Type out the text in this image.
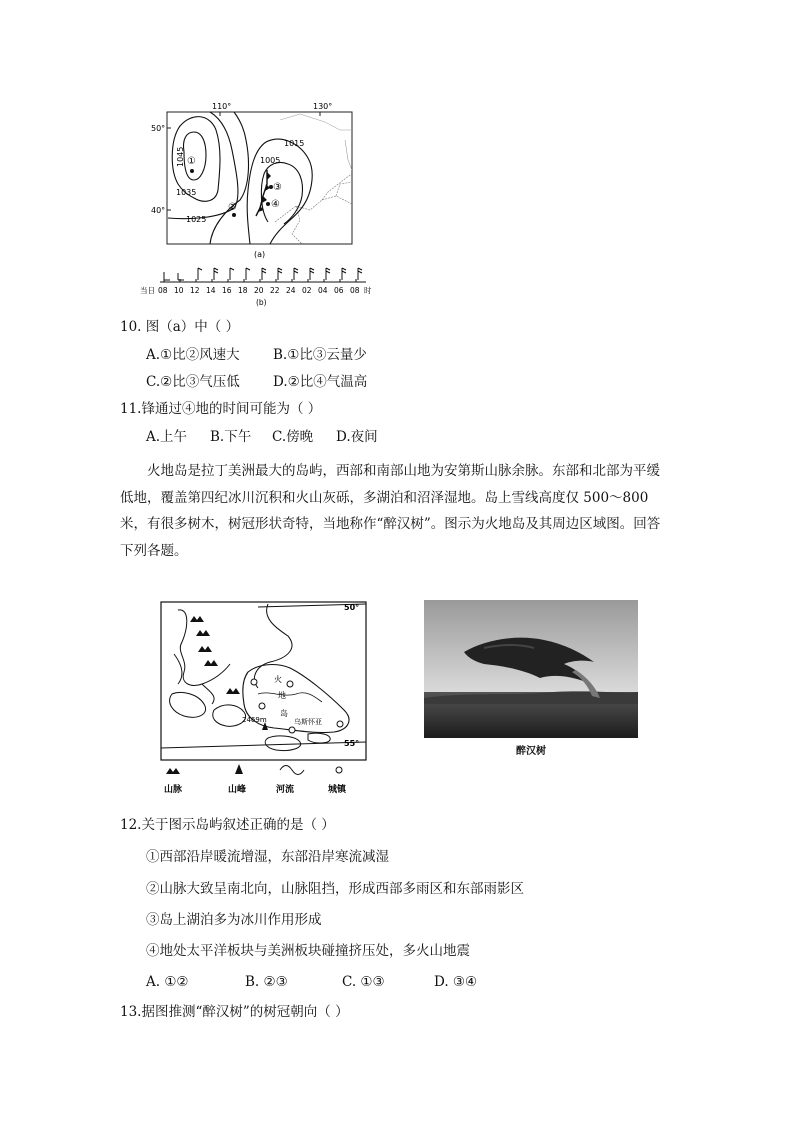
110°	130°
50°
40°
1045
1035
1025
1015
1005
①
②
③
④
(a)
当日 08 10 12 14 16 18 20 22 24 02 04 06 08 时
(b)
10. 图（a）中（ ）
A.①比②风速大 B.①比③云量少
C.②比③气压低 D.②比④气温高
11.锋通过④地的时间可能为（ ）
A.上午 B.下午 C.傍晚 D.夜间

火地岛是拉丁美洲最大的岛屿，西部和南部山地为安第斯山脉余脉。东部和北部为平缓低地，覆盖第四纪冰川沉积和火山灰砾，多湖泊和沼泽湿地。岛上雪线高度仅 500～800 米，有很多树木，树冠形状奇特，当地称作“醉汉树”。图示为火地岛及其周边区域图。回答下列各题。

50°
55°
火
地
岛
2469m	乌斯怀亚
山脉	山峰	河流	城镇
醉汉树
12.关于图示岛屿叙述正确的是（ ）
①西部沿岸暖流增湿，东部沿岸寒流减湿
②山脉大致呈南北向，山脉阻挡，形成西部多雨区和东部雨影区
③岛上湖泊多为冰川作用形成
④地处太平洋板块与美洲板块碰撞挤压处，多火山地震
A. ①②	B. ②③	C. ①③	D. ③④
13.据图推测“醉汉树”的树冠朝向（ ）
